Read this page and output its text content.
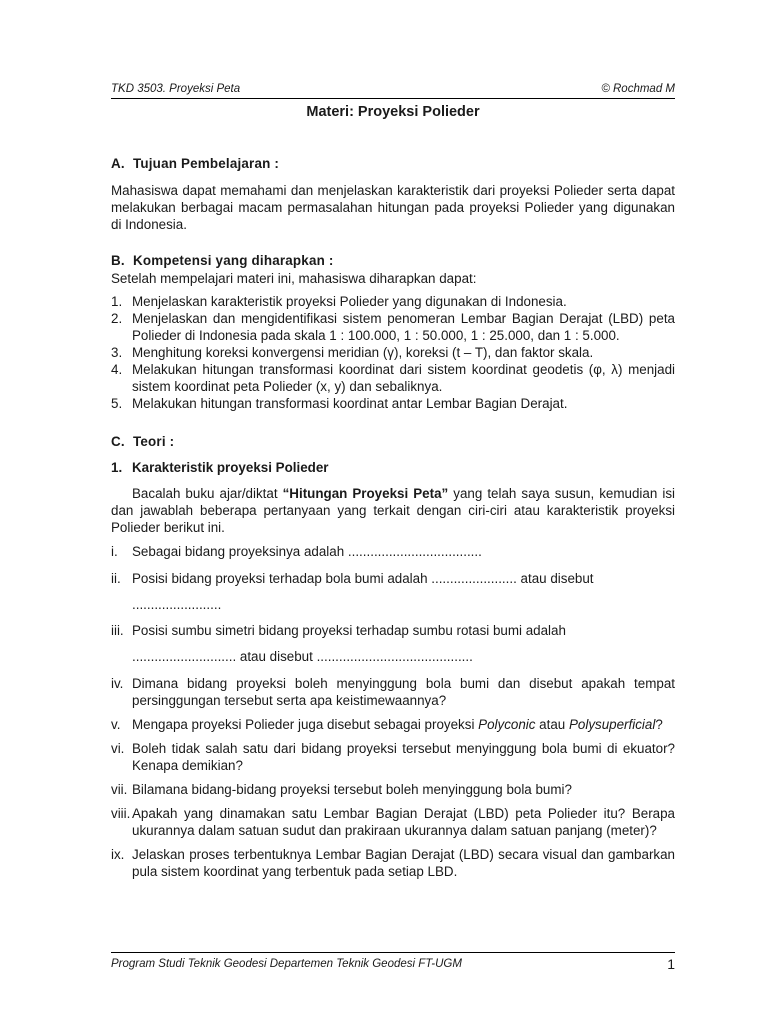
TKD 3503. Proyeksi Peta	© Rochmad M
Materi: Proyeksi Polieder
A. Tujuan Pembelajaran :

Mahasiswa dapat memahami dan menjelaskan karakteristik dari proyeksi Polieder serta dapat melakukan berbagai macam permasalahan hitungan pada proyeksi Polieder yang digunakan di Indonesia.

B. Kompetensi yang diharapkan :

Setelah mempelajari materi ini, mahasiswa diharapkan dapat:

1. Menjelaskan karakteristik proyeksi Polieder yang digunakan di Indonesia.
2. Menjelaskan dan mengidentifikasi sistem penomeran Lembar Bagian Derajat (LBD) peta Polieder di Indonesia pada skala 1 : 100.000, 1 : 50.000, 1 : 25.000, dan 1 : 5.000.
3. Menghitung koreksi konvergensi meridian (γ), koreksi (t – T), dan faktor skala.
4. Melakukan hitungan transformasi koordinat dari sistem koordinat geodetis (φ, λ) menjadi sistem koordinat peta Polieder (x, y) dan sebaliknya.
5. Melakukan hitungan transformasi koordinat antar Lembar Bagian Derajat.
C. Teori :
1. Karakteristik proyeksi Polieder

Bacalah buku ajar/diktat “Hitungan Proyeksi Peta” yang telah saya susun, kemudian isi dan jawablah beberapa pertanyaan yang terkait dengan ciri-ciri atau karakteristik proyeksi Polieder berikut ini.

i. Sebagai bidang proyeksinya adalah ....................................
ii. Posisi bidang proyeksi terhadap bola bumi adalah ....................... atau disebut
........................
iii. Posisi sumbu simetri bidang proyeksi terhadap sumbu rotasi bumi adalah
............................ atau disebut ..........................................
iv. Dimana bidang proyeksi boleh menyinggung bola bumi dan disebut apakah tempat persinggungan tersebut serta apa keistimewaannya?
v. Mengapa proyeksi Polieder juga disebut sebagai proyeksi Polyconic atau Polysuperficial?
vi. Boleh tidak salah satu dari bidang proyeksi tersebut menyinggung bola bumi di ekuator? Kenapa demikian?
vii. Bilamana bidang-bidang proyeksi tersebut boleh menyinggung bola bumi?
viii. Apakah yang dinamakan satu Lembar Bagian Derajat (LBD) peta Polieder itu? Berapa ukurannya dalam satuan sudut dan prakiraan ukurannya dalam satuan panjang (meter)?
ix. Jelaskan proses terbentuknya Lembar Bagian Derajat (LBD) secara visual dan gambarkan pula sistem koordinat yang terbentuk pada setiap LBD.
Program Studi Teknik Geodesi Departemen Teknik Geodesi FT-UGM	1
